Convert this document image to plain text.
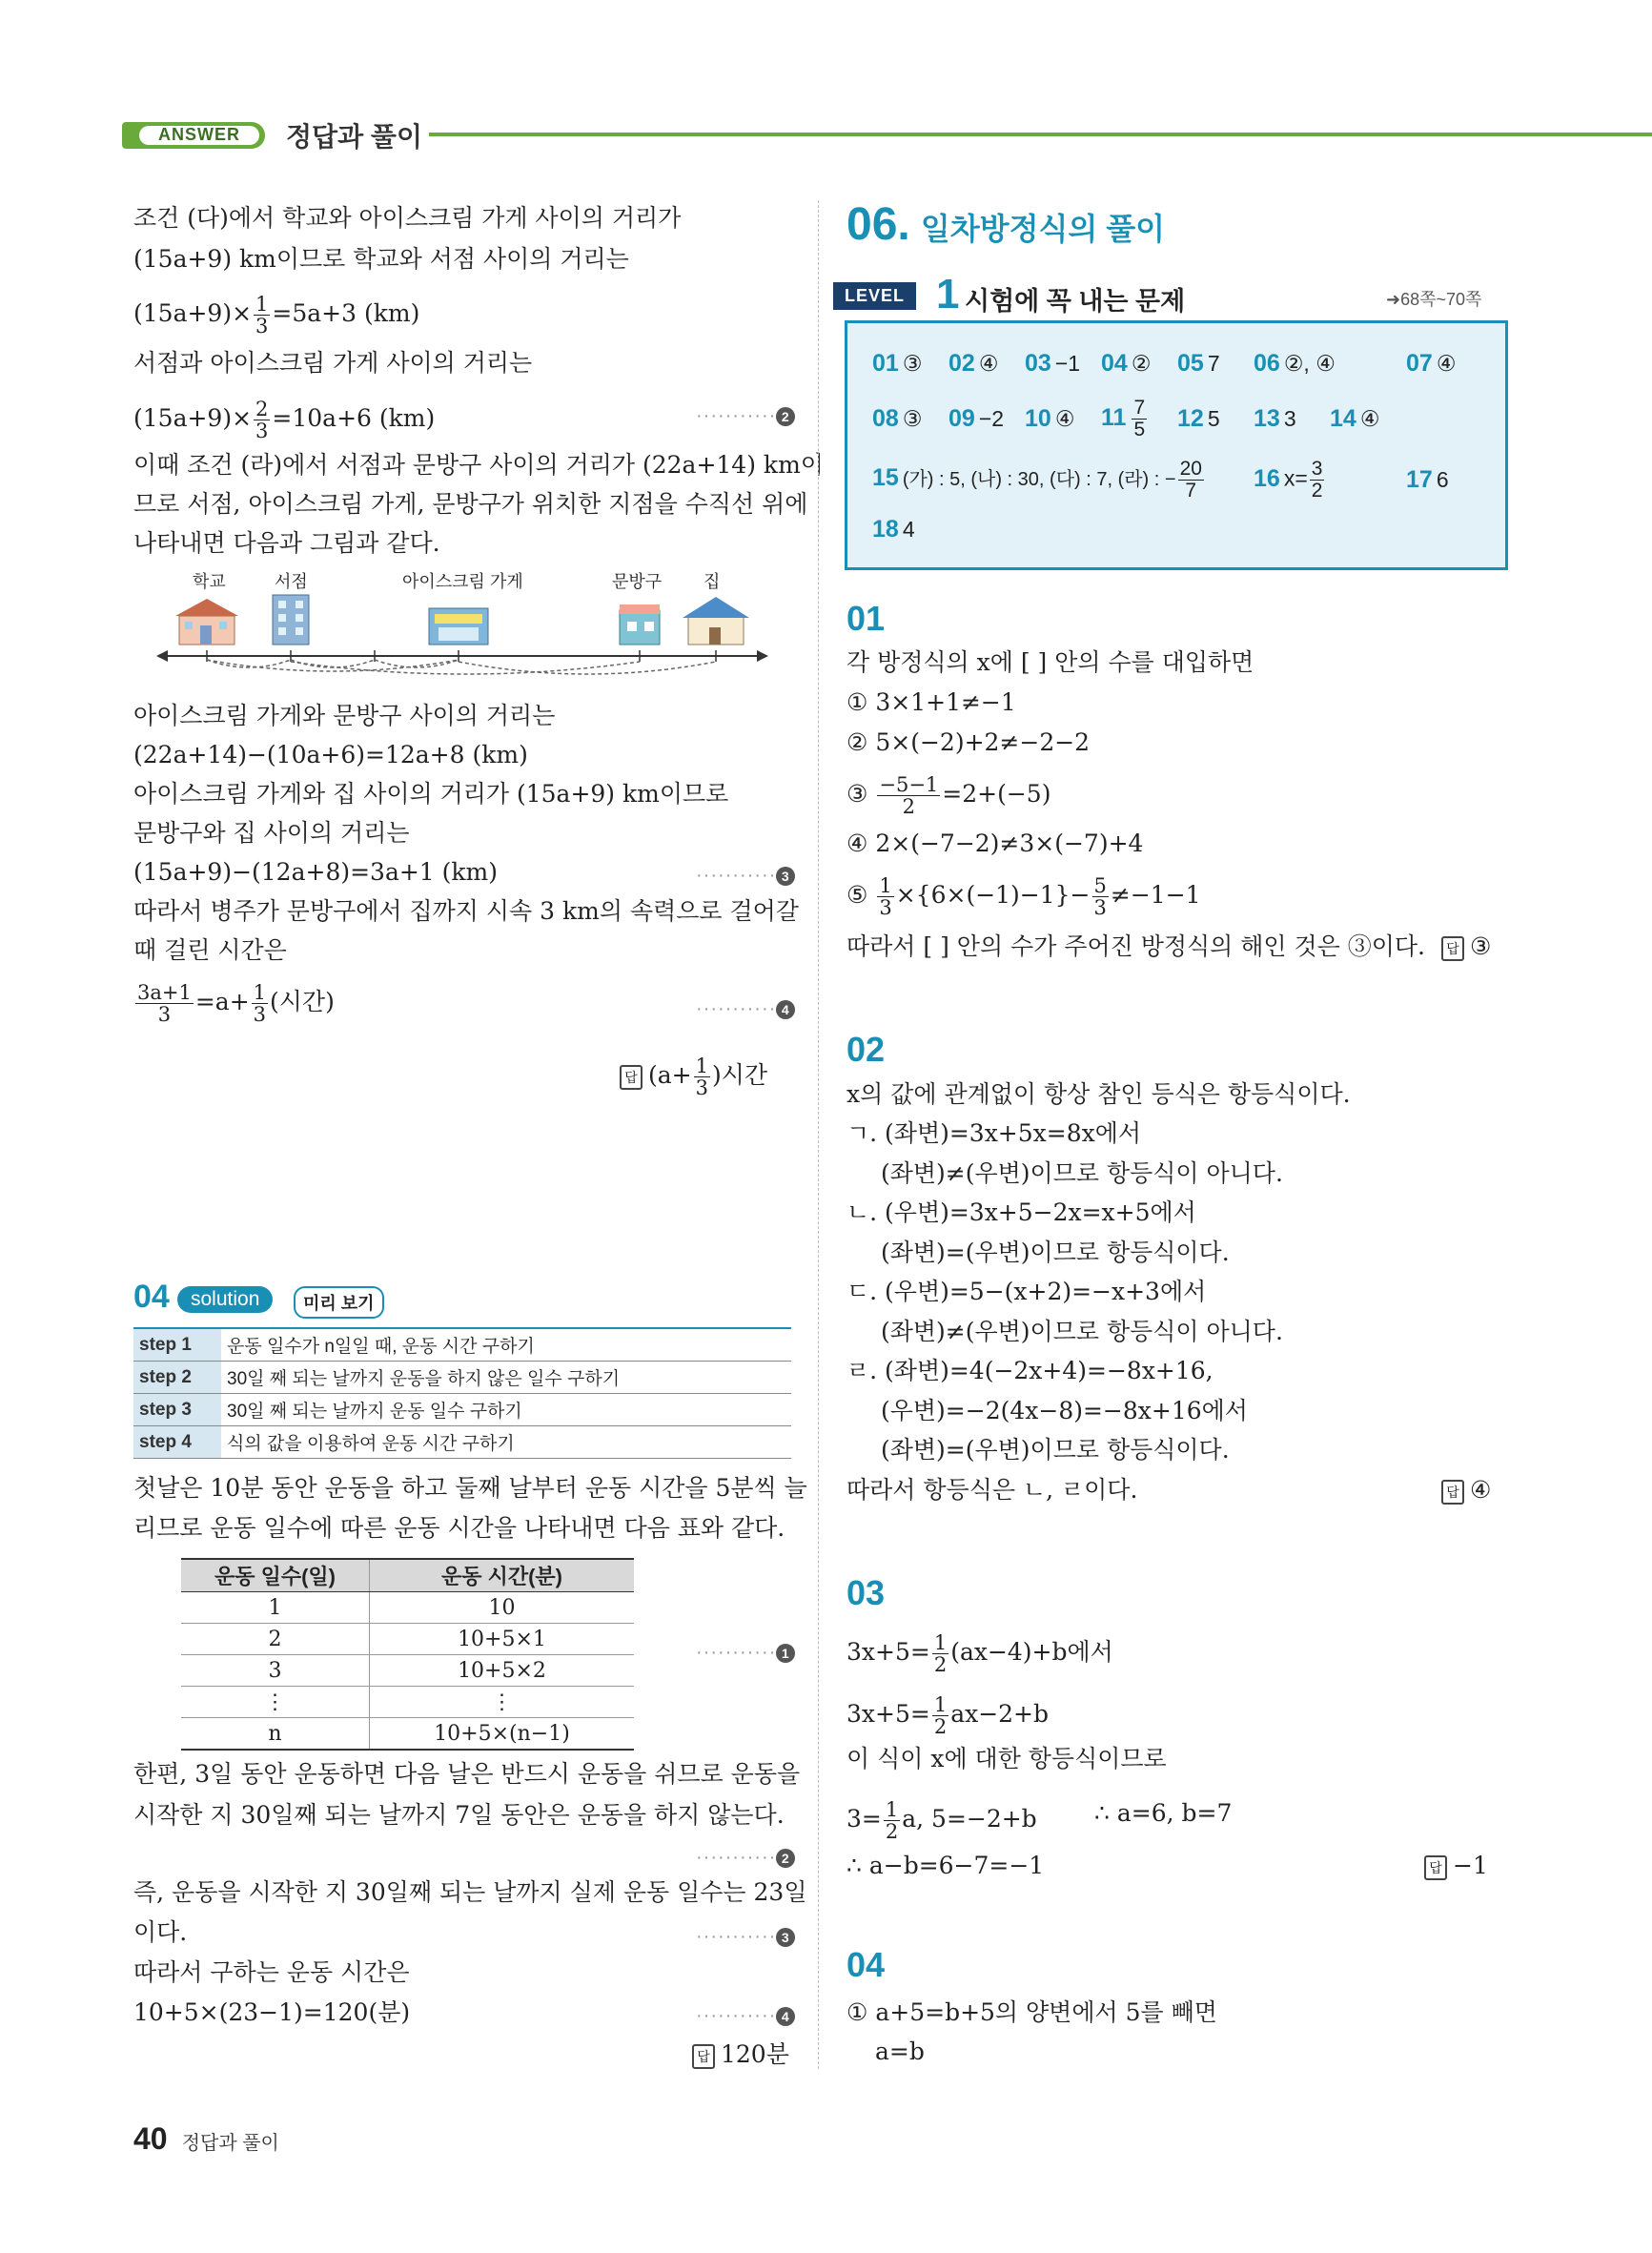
ANSWER	정답과 풀이
조건 (다)에서 학교와 아이스크림 가게 사이의 거리가
(15a+9) km이므로 학교와 서점 사이의 거리는
$(15a+9)\times \frac{1}{3} =5a+3$ (km)
서점과 아이스크림 가게 사이의 거리는
$(15a+9)\times \frac{2}{3} =10a+6$ (km)	··········· 2
이때 조건 (라)에서 서점과 문방구 사이의 거리가 (22a+14) km이
므로 서점, 아이스크림 가게, 문방구가 위치한 지점을 수직선 위에
나타내면 다음과 그림과 같다.
학교	서점	아이스크림 가게	문방구 집
아이스크림 가게와 문방구 사이의 거리는
(22a+14)−(10a+6)=12a+8 (km)
아이스크림 가게와 집 사이의 거리가 (15a+9) km이므로
문방구와 집 사이의 거리는
(15a+9)−(12a+8)=3a+1 (km)	··········· 3
따라서 병주가 문방구에서 집까지 시속 3 km의 속력으로 걸어갈
때 걸린 시간은
$\frac{3a+1}{3} =a+ \frac{1}{3}$ (시간)	··········· 4
답 ($a+ \frac{1}{3}$ )시간
04	solution	미리 보기
step 1	운동 일수가 n일일 때, 운동 시간 구하기
step 2	30일 째 되는 날까지 운동을 하지 않은 일수 구하기
step 3	30일 째 되는 날까지 운동 일수 구하기
step 4	식의 값을 이용하여 운동 시간 구하기
첫날은 10분 동안 운동을 하고 둘째 날부터 운동 시간을 5분씩 늘
리므로 운동 일수에 따른 운동 시간을 나타내면 다음 표와 같다.
운동 일수(일)	운동 시간(분)
1	10
2	10+5×1
3	10+5×2
⋮	⋮
n	10+5×(n−1)
··········· 1
한편, 3일 동안 운동하면 다음 날은 반드시 운동을 쉬므로 운동을
시작한 지 30일째 되는 날까지 7일 동안은 운동을 하지 않는다.
··········· 2
즉, 운동을 시작한 지 30일째 되는 날까지 실제 운동 일수는 23일
이다.	··········· 3
따라서 구하는 운동 시간은
10+5×(23−1)=120(분)	··········· 4
답 120분
06. 일차방정식의 풀이
LEVEL 1 시험에 꼭 내는 문제	➜68쪽~70쪽
01 ③ 02 ④ 03 −1 04 ② 05 7 06 ②, ④	07 ④
08 ③ 09 −2 10 ④ $11 \frac{7}{5} 12$ 5 13 3 14 ④
15 (가) : 5, (나) : 30, (다) : 7, (라) : − $\frac{20}{7} 16$ $x= \frac{3}{2}$	17 6
18 4
01
각 방정식의 x에 [ ] 안의 수를 대입하면
① 3×1+1≠−1
② 5×(−2)+2≠−2−2
③ $\frac{-5-1}{2} =2+(-5)$
④ 2×(−7−2)≠3×(−7)+4
⑤ $\frac{1}{3} \times\{6\times(-1)-1\}- \frac{5}{3} \ne-1-1$
따라서 [ ] 안의 수가 주어진 방정식의 해인 것은 ③이다.	답 ③
02
x의 값에 관계없이 항상 참인 등식은 항등식이다.
ㄱ. (좌변)=3x+5x=8x에서
(좌변)≠(우변)이므로 항등식이 아니다.
ㄴ. (우변)=3x+5−2x=x+5에서
(좌변)=(우변)이므로 항등식이다.
ㄷ. (우변)=5−(x+2)=−x+3에서
(좌변)≠(우변)이므로 항등식이 아니다.
ㄹ. (좌변)=4(−2x+4)=−8x+16,
(우변)=−2(4x−8)=−8x+16에서
(좌변)=(우변)이므로 항등식이다.
따라서 항등식은 ㄴ, ㄹ이다.	답 ④
03
$3x+5= \frac{1}{2} (ax-4)+b$에서
$3x+5= \frac{1}{2} ax-2+b$
이 식이 x에 대한 항등식이므로
$3= \frac{1}{2} a$, 5=−2+b ∴ a=6, b=7
∴ a−b=6−7=−1	답 −1
04
① a+5=b+5의 양변에서 5를 빼면
a=b
40 정답과 풀이
